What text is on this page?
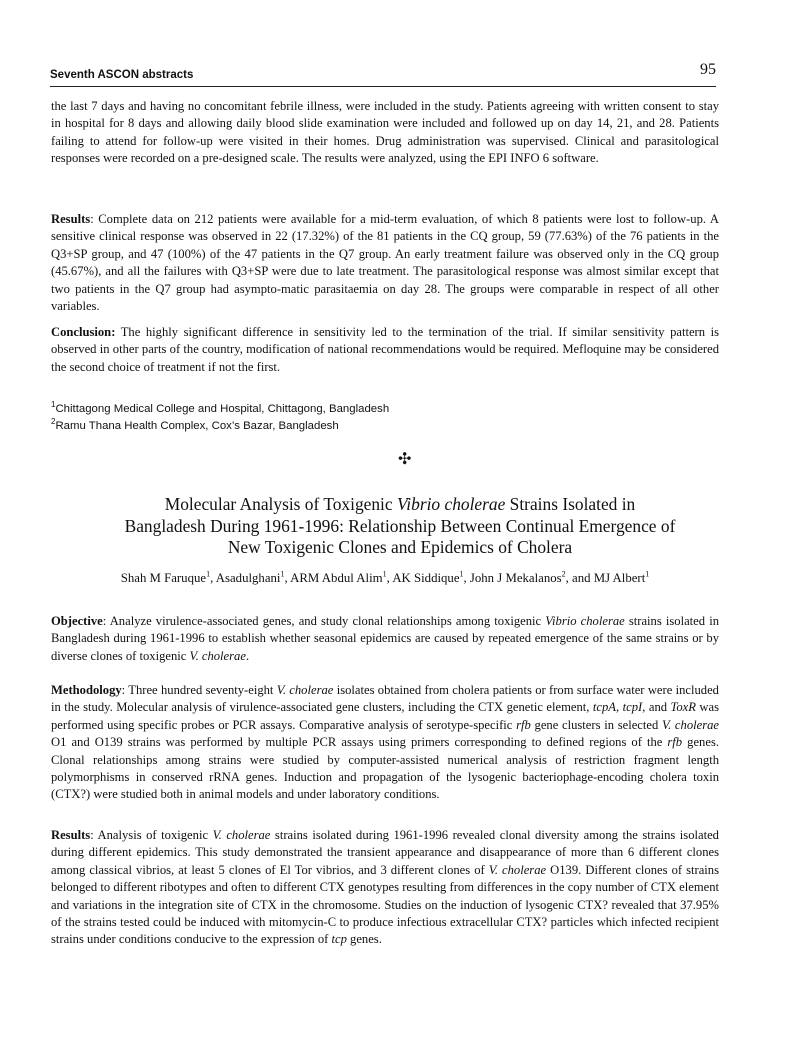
Seventh ASCON abstracts	95

the last 7 days and having no concomitant febrile illness, were included in the study. Patients agreeing with written consent to stay in hospital for 8 days and allowing daily blood slide examination were included and followed up on day 14, 21, and 28. Patients failing to attend for follow-up were visited in their homes. Drug administration was supervised. Clinical and parasitological responses were recorded on a pre-designed scale. The results were analyzed, using the EPI INFO 6 software.

Results: Complete data on 212 patients were available for a mid-term evaluation, of which 8 patients were lost to follow-up. A sensitive clinical response was observed in 22 (17.32%) of the 81 patients in the CQ group, 59 (77.63%) of the 76 patients in the Q3+SP group, and 47 (100%) of the 47 patients in the Q7 group. An early treatment failure was observed only in the CQ group (45.67%), and all the failures with Q3+SP were due to late treatment. The parasitological response was almost similar except that two patients in the Q7 group had asympto-matic parasitaemia on day 28. The groups were comparable in respect of all other variables.

Conclusion: The highly significant difference in sensitivity led to the termination of the trial. If similar sensitivity pattern is observed in other parts of the country, modification of national recommendations would be required. Mefloquine may be considered the second choice of treatment if not the first.

$^1$Chittagong Medical College and Hospital, Chittagong, Bangladesh

$^2$Ramu Thana Health Complex, Cox’s Bazar, Bangladesh

✣
Molecular Analysis of Toxigenic Vibrio cholerae Strains Isolated in
Bangladesh During 1961-1996: Relationship Between Continual Emergence of
New Toxigenic Clones and Epidemics of Cholera
Shah M Faruque$^1$, Asadulghani$^1$, ARM Abdul Alim$^1$, AK Siddique$^1$, John J Mekalanos$^2$, and MJ Albert$^1$

Objective: Analyze virulence-associated genes, and study clonal relationships among toxigenic Vibrio cholerae strains isolated in Bangladesh during 1961-1996 to establish whether seasonal epidemics are caused by repeated emergence of the same strains or by diverse clones of toxigenic V. cholerae.

Methodology: Three hundred seventy-eight V. cholerae isolates obtained from cholera patients or from surface water were included in the study. Molecular analysis of virulence-associated gene clusters, including the CTX genetic element, tcpA, tcpI, and ToxR was performed using specific probes or PCR assays. Comparative analysis of serotype-specific rfb gene clusters in selected V. cholerae O1 and O139 strains was performed by multiple PCR assays using primers corresponding to defined regions of the rfb genes. Clonal relationships among strains were studied by computer-assisted numerical analysis of restriction fragment length polymorphisms in conserved rRNA genes. Induction and propagation of the lysogenic bacteriophage-encoding cholera toxin (CTX?) were studied both in animal models and under laboratory conditions.

Results: Analysis of toxigenic V. cholerae strains isolated during 1961-1996 revealed clonal diversity among the strains isolated during different epidemics. This study demonstrated the transient appearance and disappearance of more than 6 different clones among classical vibrios, at least 5 clones of El Tor vibrios, and 3 different clones of V. cholerae O139. Different clones of strains belonged to different ribotypes and often to different CTX genotypes resulting from differences in the copy number of CTX element and variations in the integration site of CTX in the chromosome. Studies on the induction of lysogenic CTX? revealed that 37.95% of the strains tested could be induced with mitomycin-C to produce infectious extracellular CTX? particles which infected recipient strains under conditions conducive to the expression of tcp genes.
